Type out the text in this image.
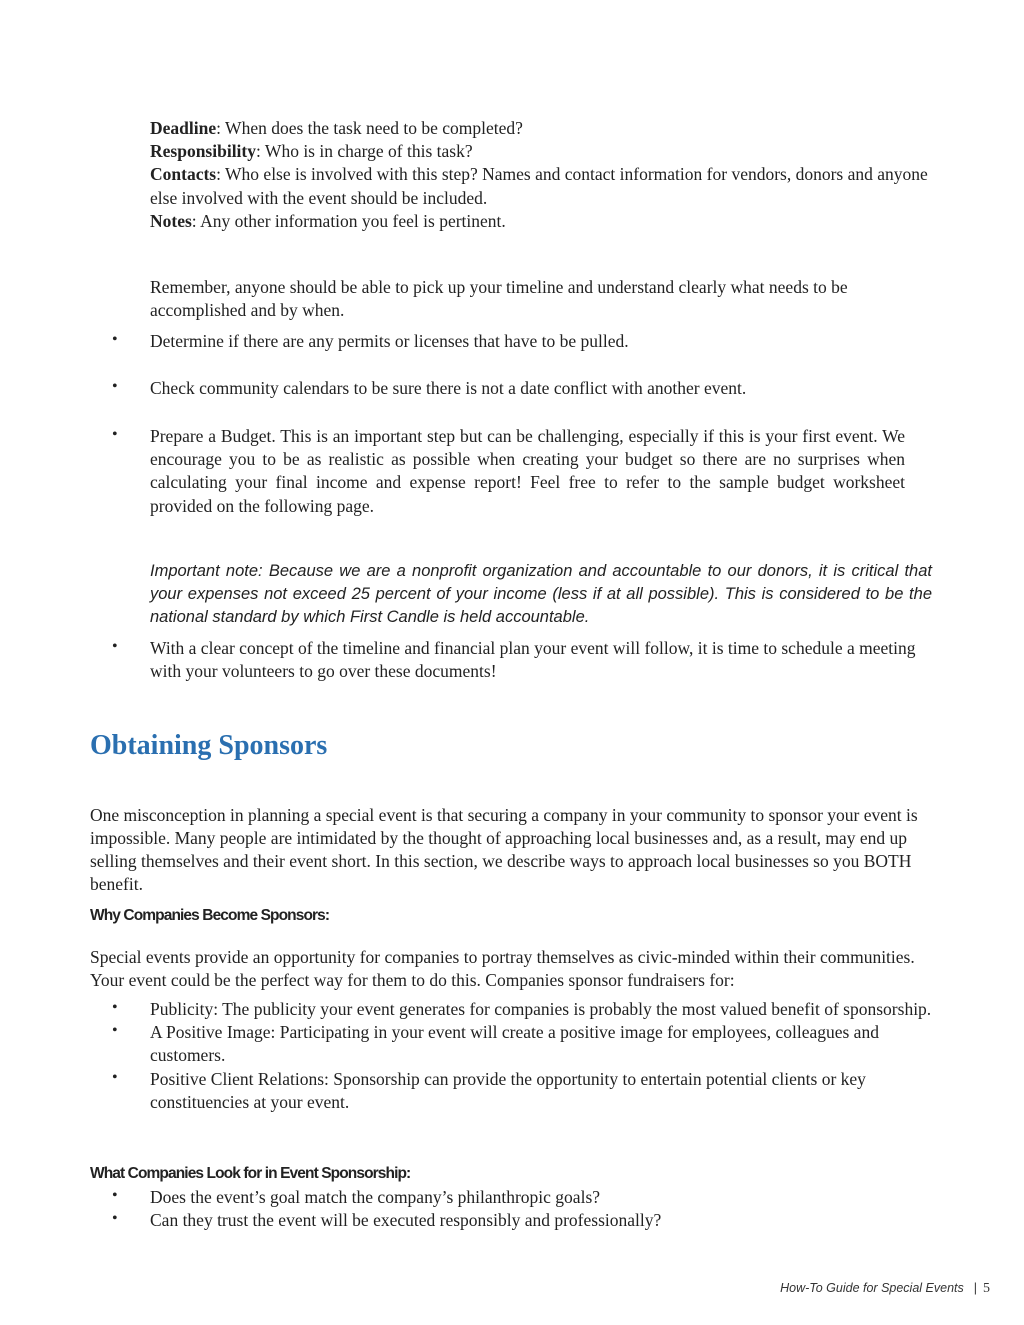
Deadline: When does the task need to be completed?

Responsibility: Who is in charge of this task?

Contacts: Who else is involved with this step? Names and contact information for vendors, donors and anyone else involved with the event should be included.

Notes: Any other information you feel is pertinent.

Remember, anyone should be able to pick up your timeline and understand clearly what needs to be accomplished and by when.

•	Determine if there are any permits or licenses that have to be pulled.
•	Check community calendars to be sure there is not a date conflict with another event.
•	Prepare a Budget. This is an important step but can be challenging, especially if this is your first event. We encourage you to be as realistic as possible when creating your budget so there are no surprises when calculating your final income and expense report! Feel free to refer to the sample budget worksheet provided on the following page.

Important note: Because we are a nonprofit organization and accountable to our donors, it is critical that your expenses not exceed 25 percent of your income (less if at all possible). This is considered to be the national standard by which First Candle is held accountable.

•	With a clear concept of the timeline and financial plan your event will follow, it is time to schedule a meeting with your volunteers to go over these documents!
Obtaining Sponsors

One misconception in planning a special event is that securing a company in your community to sponsor your event is impossible. Many people are intimidated by the thought of approaching local businesses and, as a result, may end up selling themselves and their event short. In this section, we describe ways to approach local businesses so you BOTH benefit.

Why Companies Become Sponsors:

Special events provide an opportunity for companies to portray themselves as civic-minded within their communities. Your event could be the perfect way for them to do this. Companies sponsor fundraisers for:

•	Publicity: The publicity your event generates for companies is probably the most valued benefit of sponsorship.
•	A Positive Image: Participating in your event will create a positive image for employees, colleagues and customers.
•	Positive Client Relations: Sponsorship can provide the opportunity to entertain potential clients or key constituencies at your event.

What Companies Look for in Event Sponsorship:

•	Does the event’s goal match the company’s philanthropic goals?
•	Can they trust the event will be executed responsibly and professionally?
How-To Guide for Special Events | 5
